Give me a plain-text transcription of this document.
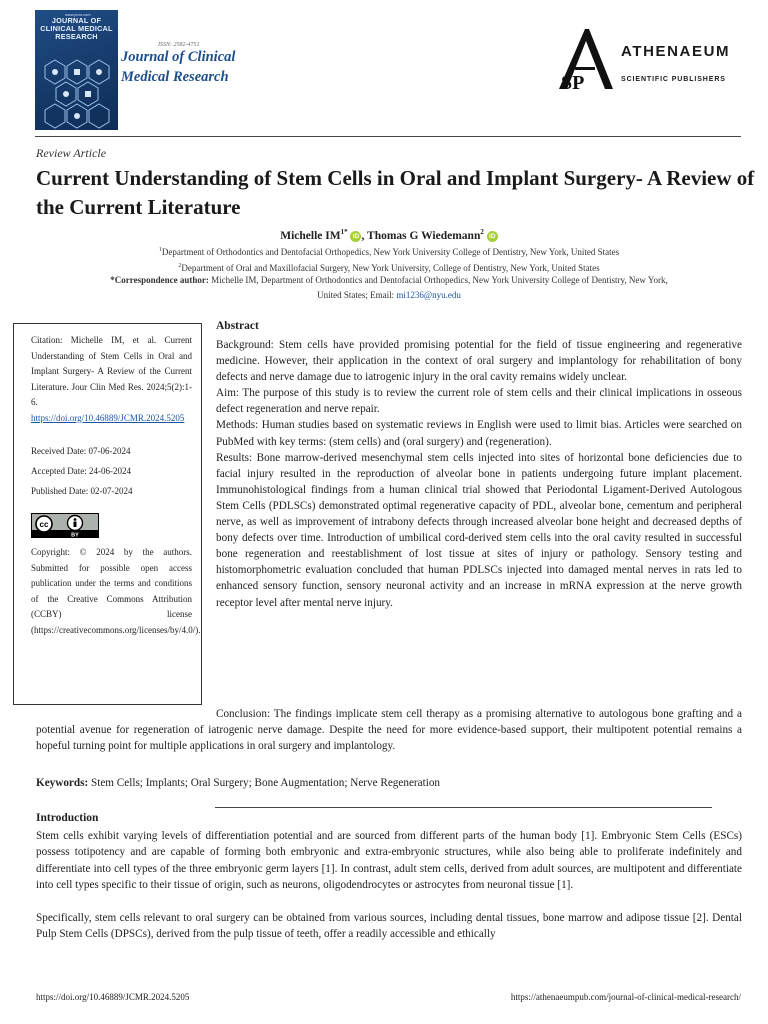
www.jcmr.com
JOURNAL OF CLINICAL MEDICAL RESEARCH
ISSN: 2582-4751
Journal of Clinical
Medical Research	SP
ATHENAEUM
SCIENTIFIC PUBLISHERS
Review Article
Current Understanding of Stem Cells in Oral and Implant Surgery- A Review of the Current Literature
Michelle $IM^{1*}$ iD , Thomas G Wiedemann$^2$ iD
$^1$Department of Orthodontics and Dentofacial Orthopedics, New York University College of Dentistry, New York, United States
$^2$Department of Oral and Maxillofacial Surgery, New York University, College of Dentistry, New York, United States
*Correspondence author: Michelle IM, Department of Orthodontics and Dentofacial Orthopedics, New York University College of Dentistry, New York,
United States; Email: mi1236@nyu.edu
Citation: Michelle IM, et al. Current Understanding of Stem Cells in Oral and Implant Surgery- A Review of the Current Literature. Jour Clin Med Res. 2024;5(2):1-6.
https://doi.org/10.46889/JCMR.2024.5205
Received Date: 07-06-2024
Accepted Date: 24-06-2024
Published Date: 02-07-2024
cc
BY
Copyright: © 2024 by the authors. Submitted for possible open access publication under the terms and conditions of the Creative Commons Attribution (CCBY) license (https://creativecommons.org/licenses/by/4.0/).
Abstract

Background: Stem cells have provided promising potential for the field of tissue engineering and regenerative medicine. However, their application in the context of oral surgery and implantology for rehabilitation of bony defects and nerve damage due to iatrogenic injury in the oral cavity remains widely unclear.

Aim: The purpose of this study is to review the current role of stem cells and their clinical implications in osseous defect regeneration and nerve repair.

Methods: Human studies based on systematic reviews in English were used to limit bias. Articles were searched on PubMed with key terms: (stem cells) and (oral surgery) and (regeneration).

Results: Bone marrow-derived mesenchymal stem cells injected into sites of horizontal bone deficiencies due to facial injury resulted in the reproduction of alveolar bone in patients undergoing future implant placement. Immunohistological findings from a human clinical trial showed that Periodontal Ligament-Derived Autologous Stem Cells (PDLSCs) demonstrated optimal regenerative capacity of PDL, alveolar bone, cementum and peripheral nerve, as well as improvement of intrabony defects through increased alveolar bone height and decreased depths of bony defects over time. Introduction of umbilical cord-derived stem cells into the oral cavity resulted in successful bone regeneration and reestablishment of lost tissue at sites of injury or pathology. Sensory testing and histomorphometric evaluation concluded that human PDLSCs injected into damaged mental nerves in rats led to enhanced sensory function, sensory neuronal activity and an increase in mRNA expression at the nerve growth receptor level after mental nerve injury.

Conclusion: The findings implicate stem cell therapy as a promising alternative to autologous bone grafting and a potential avenue for regeneration of iatrogenic nerve damage. Despite the need for more evidence-based support, their multipotent potential remains a hopeful turning point for multiple applications in oral surgery and implantology.

Keywords: Stem Cells; Implants; Oral Surgery; Bone Augmentation; Nerve Regeneration
Introduction

Stem cells exhibit varying levels of differentiation potential and are sourced from different parts of the human body [1]. Embryonic Stem Cells (ESCs) possess totipotency and are capable of forming both embryonic and extra-embryonic structures, while also being able to proliferate indefinitely and differentiate into cell types of the three embryonic germ layers [1]. In contrast, adult stem cells, derived from adult sources, are multipotent and differentiate into cell types specific to their tissue of origin, such as neurons, oligodendrocytes or astrocytes from neuronal tissue [1].

Specifically, stem cells relevant to oral surgery can be obtained from various sources, including dental tissues, bone marrow and adipose tissue [2]. Dental Pulp Stem Cells (DPSCs), derived from the pulp tissue of teeth, offer a readily accessible and ethically

https://doi.org/10.46889/JCMR.2024.5205	https://athenaeumpub.com/journal-of-clinical-medical-research/
